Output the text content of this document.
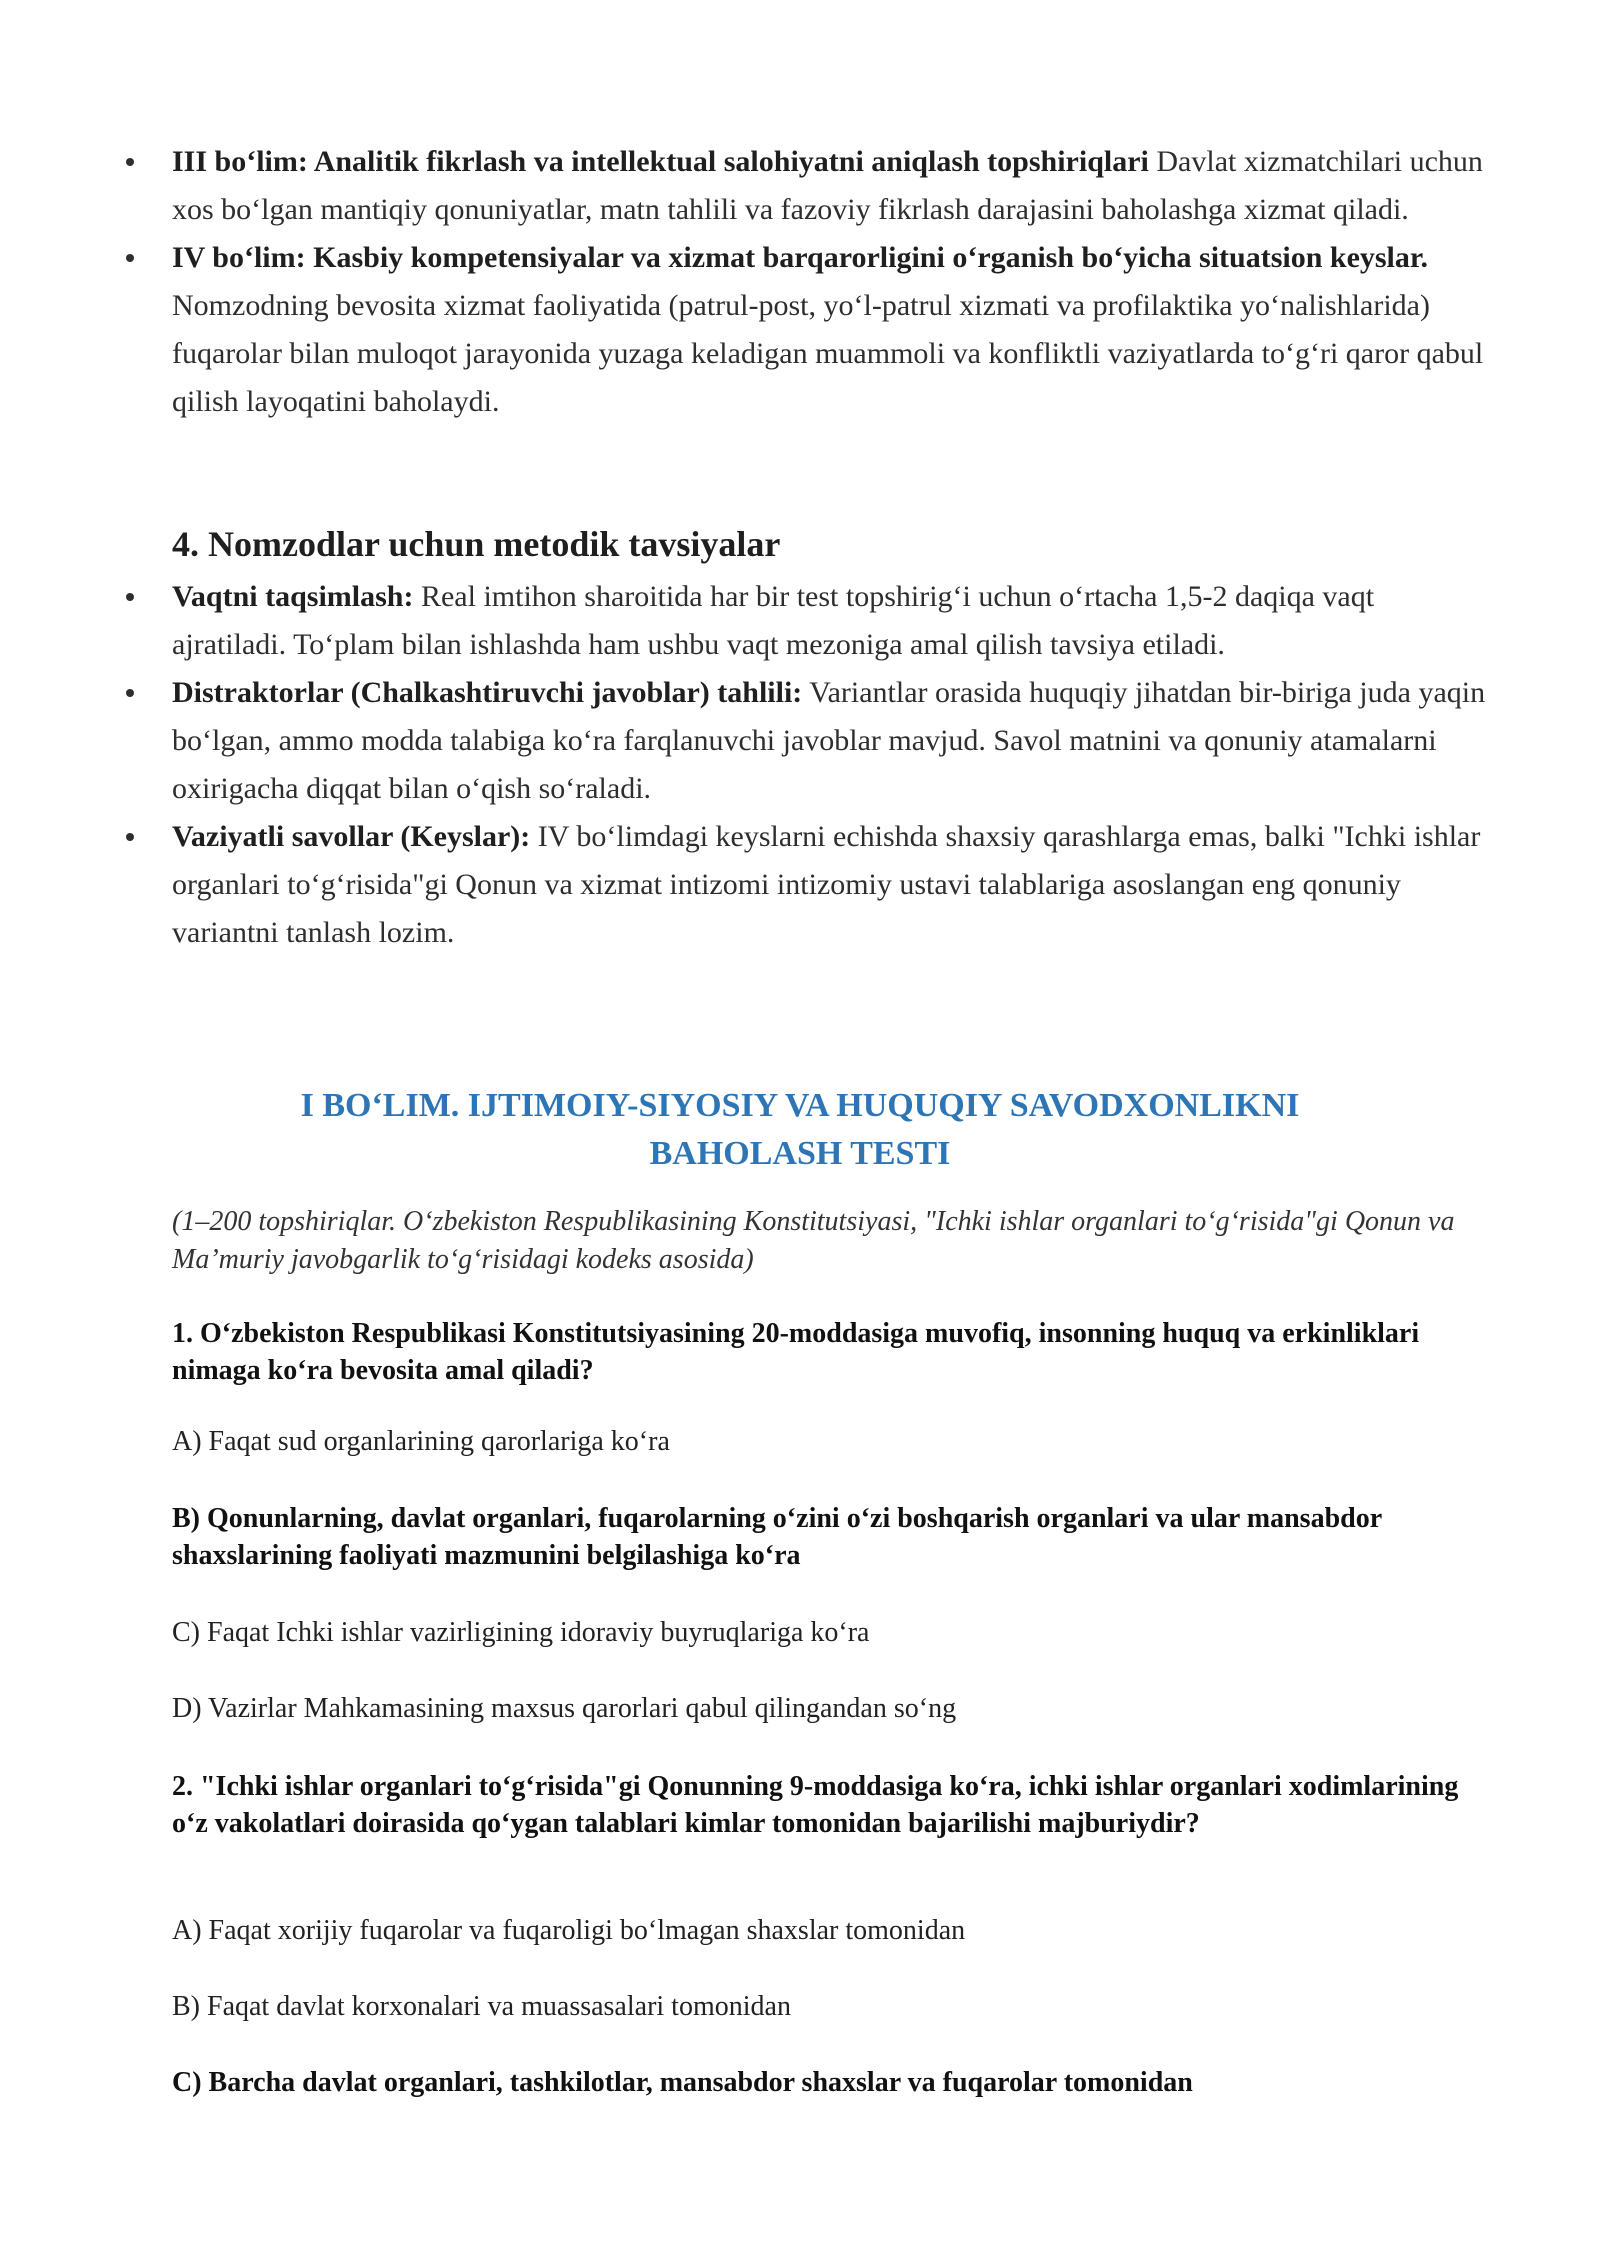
III bo‘lim: Analitik fikrlash va intellektual salohiyatni aniqlash topshiriqlari Davlat xizmatchilari uchun xos bo‘lgan mantiqiy qonuniyatlar, matn tahlili va fazoviy fikrlash darajasini baholashga xizmat qiladi.
IV bo‘lim: Kasbiy kompetensiyalar va xizmat barqarorligini o‘rganish bo‘yicha situatsion keyslar. Nomzodning bevosita xizmat faoliyatida (patrul-post, yo‘l-patrul xizmati va profilaktika yo‘nalishlarida) fuqarolar bilan muloqot jarayonida yuzaga keladigan muammoli va konfliktli vaziyatlarda to‘g‘ri qaror qabul qilish layoqatini baholaydi.
4. Nomzodlar uchun metodik tavsiyalar
Vaqtni taqsimlash: Real imtihon sharoitida har bir test topshirig‘i uchun o‘rtacha 1,5-2 daqiqa vaqt ajratiladi. To‘plam bilan ishlashda ham ushbu vaqt mezoniga amal qilish tavsiya etiladi.
Distraktorlar (Chalkashtiruvchi javoblar) tahlili: Variantlar orasida huquqiy jihatdan bir-biriga juda yaqin bo‘lgan, ammo modda talabiga ko‘ra farqlanuvchi javoblar mavjud. Savol matnini va qonuniy atamalarni oxirigacha diqqat bilan o‘qish so‘raladi.
Vaziyatli savollar (Keyslar): IV bo‘limdagi keyslarni echishda shaxsiy qarashlarga emas, balki "Ichki ishlar organlari to‘g‘risida"gi Qonun va xizmat intizomi intizomiy ustavi talablariga asoslangan eng qonuniy variantni tanlash lozim.
I BO‘LIM. IJTIMOIY-SIYOSIY VA HUQUQIY SAVODXONLIKNI
BAHOLASH TESTI

(1–200 topshiriqlar. O‘zbekiston Respublikasining Konstitutsiyasi, "Ichki ishlar organlari to‘g‘risida"gi Qonun va Ma’muriy javobgarlik to‘g‘risidagi kodeks asosida)

1. O‘zbekiston Respublikasi Konstitutsiyasining 20-moddasiga muvofiq, insonning huquq va erkinliklari nimaga ko‘ra bevosita amal qiladi?

A) Faqat sud organlarining qarorlariga ko‘ra

B) Qonunlarning, davlat organlari, fuqarolarning o‘zini o‘zi boshqarish organlari va ular mansabdor shaxslarining faoliyati mazmunini belgilashiga ko‘ra

C) Faqat Ichki ishlar vazirligining idoraviy buyruqlariga ko‘ra

D) Vazirlar Mahkamasining maxsus qarorlari qabul qilingandan so‘ng

2. "Ichki ishlar organlari to‘g‘risida"gi Qonunning 9-moddasiga ko‘ra, ichki ishlar organlari xodimlarining o‘z vakolatlari doirasida qo‘ygan talablari kimlar tomonidan bajarilishi majburiydir?

A) Faqat xorijiy fuqarolar va fuqaroligi bo‘lmagan shaxslar tomonidan

B) Faqat davlat korxonalari va muassasalari tomonidan

C) Barcha davlat organlari, tashkilotlar, mansabdor shaxslar va fuqarolar tomonidan
